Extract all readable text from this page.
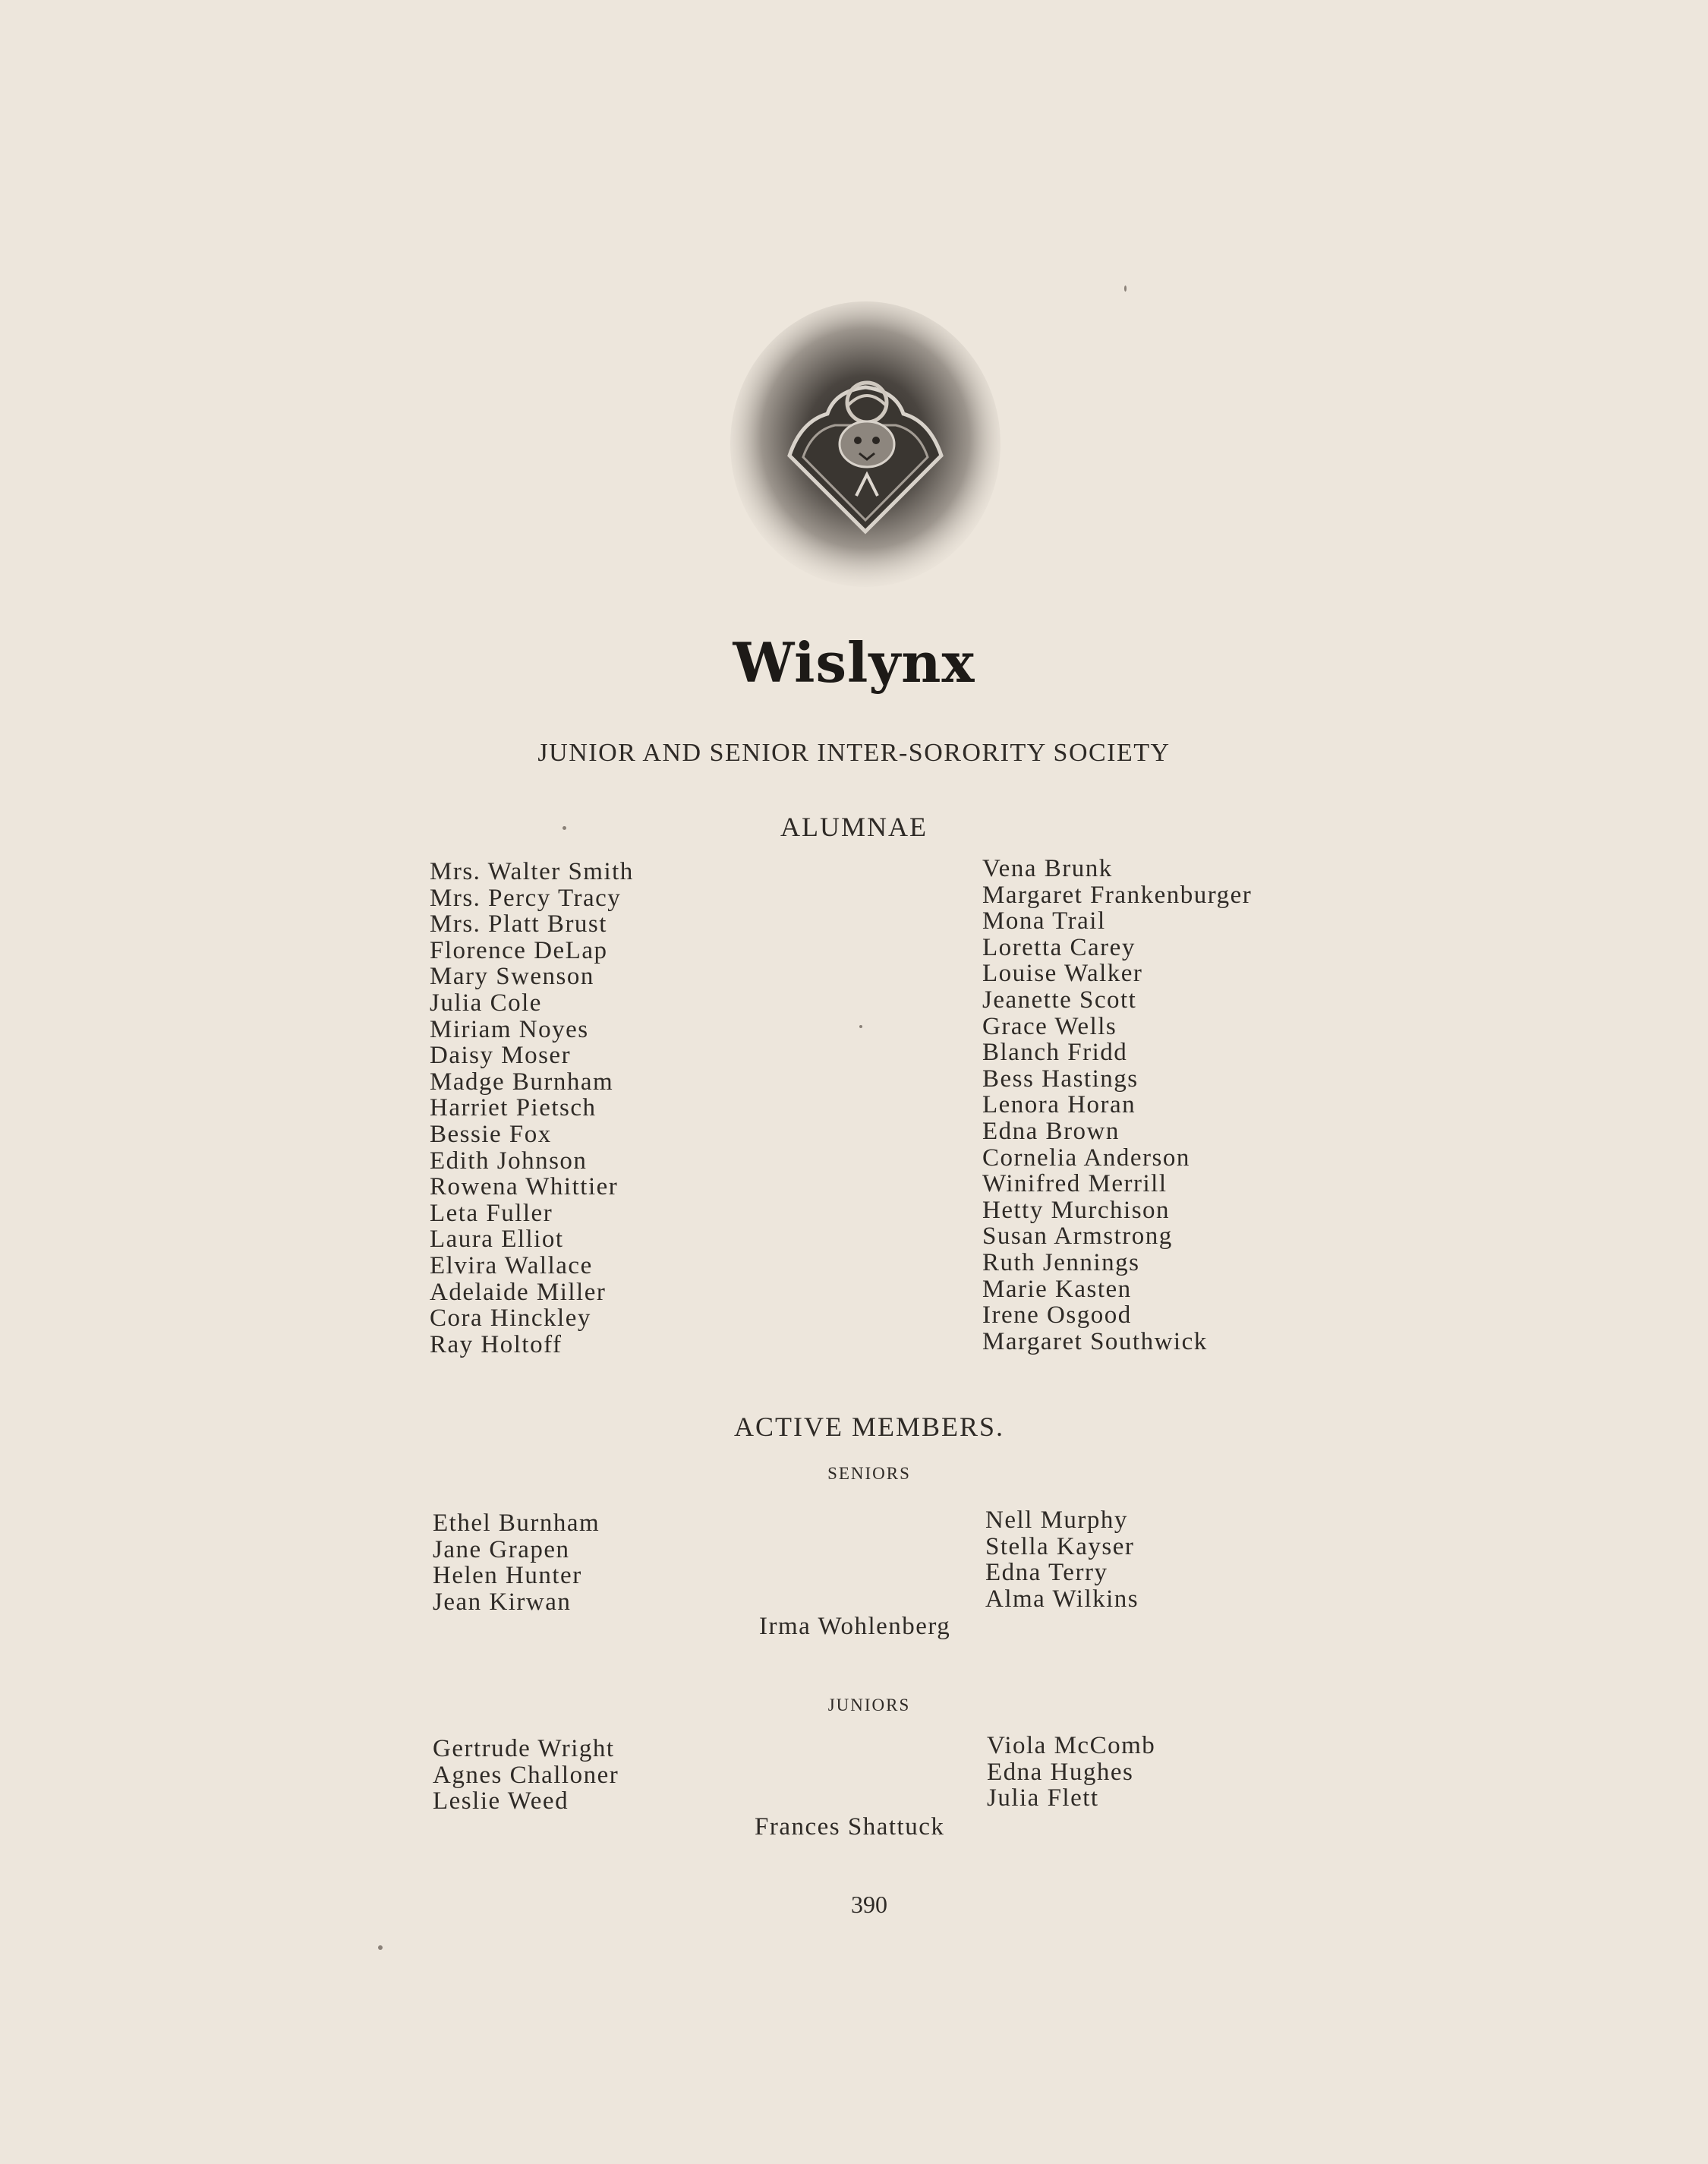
Wislynx
JUNIOR AND SENIOR INTER-SORORITY SOCIETY
ALUMNAE
Mrs. Walter Smith
Mrs. Percy Tracy
Mrs. Platt Brust
Florence DeLap
Mary Swenson
Julia Cole
Miriam Noyes
Daisy Moser
Madge Burnham
Harriet Pietsch
Bessie Fox
Edith Johnson
Rowena Whittier
Leta Fuller
Laura Elliot
Elvira Wallace
Adelaide Miller
Cora Hinckley
Ray Holtoff
Vena Brunk
Margaret Frankenburger
Mona Trail
Loretta Carey
Louise Walker
Jeanette Scott
Grace Wells
Blanch Fridd
Bess Hastings
Lenora Horan
Edna Brown
Cornelia Anderson
Winifred Merrill
Hetty Murchison
Susan Armstrong
Ruth Jennings
Marie Kasten
Irene Osgood
Margaret Southwick
ACTIVE MEMBERS.
SENIORS
Ethel Burnham
Jane Grapen
Helen Hunter
Jean Kirwan
Nell Murphy
Stella Kayser
Edna Terry
Alma Wilkins
Irma Wohlenberg
JUNIORS
Gertrude Wright
Agnes Challoner
Leslie Weed
Viola McComb
Edna Hughes
Julia Flett
Frances Shattuck
390
